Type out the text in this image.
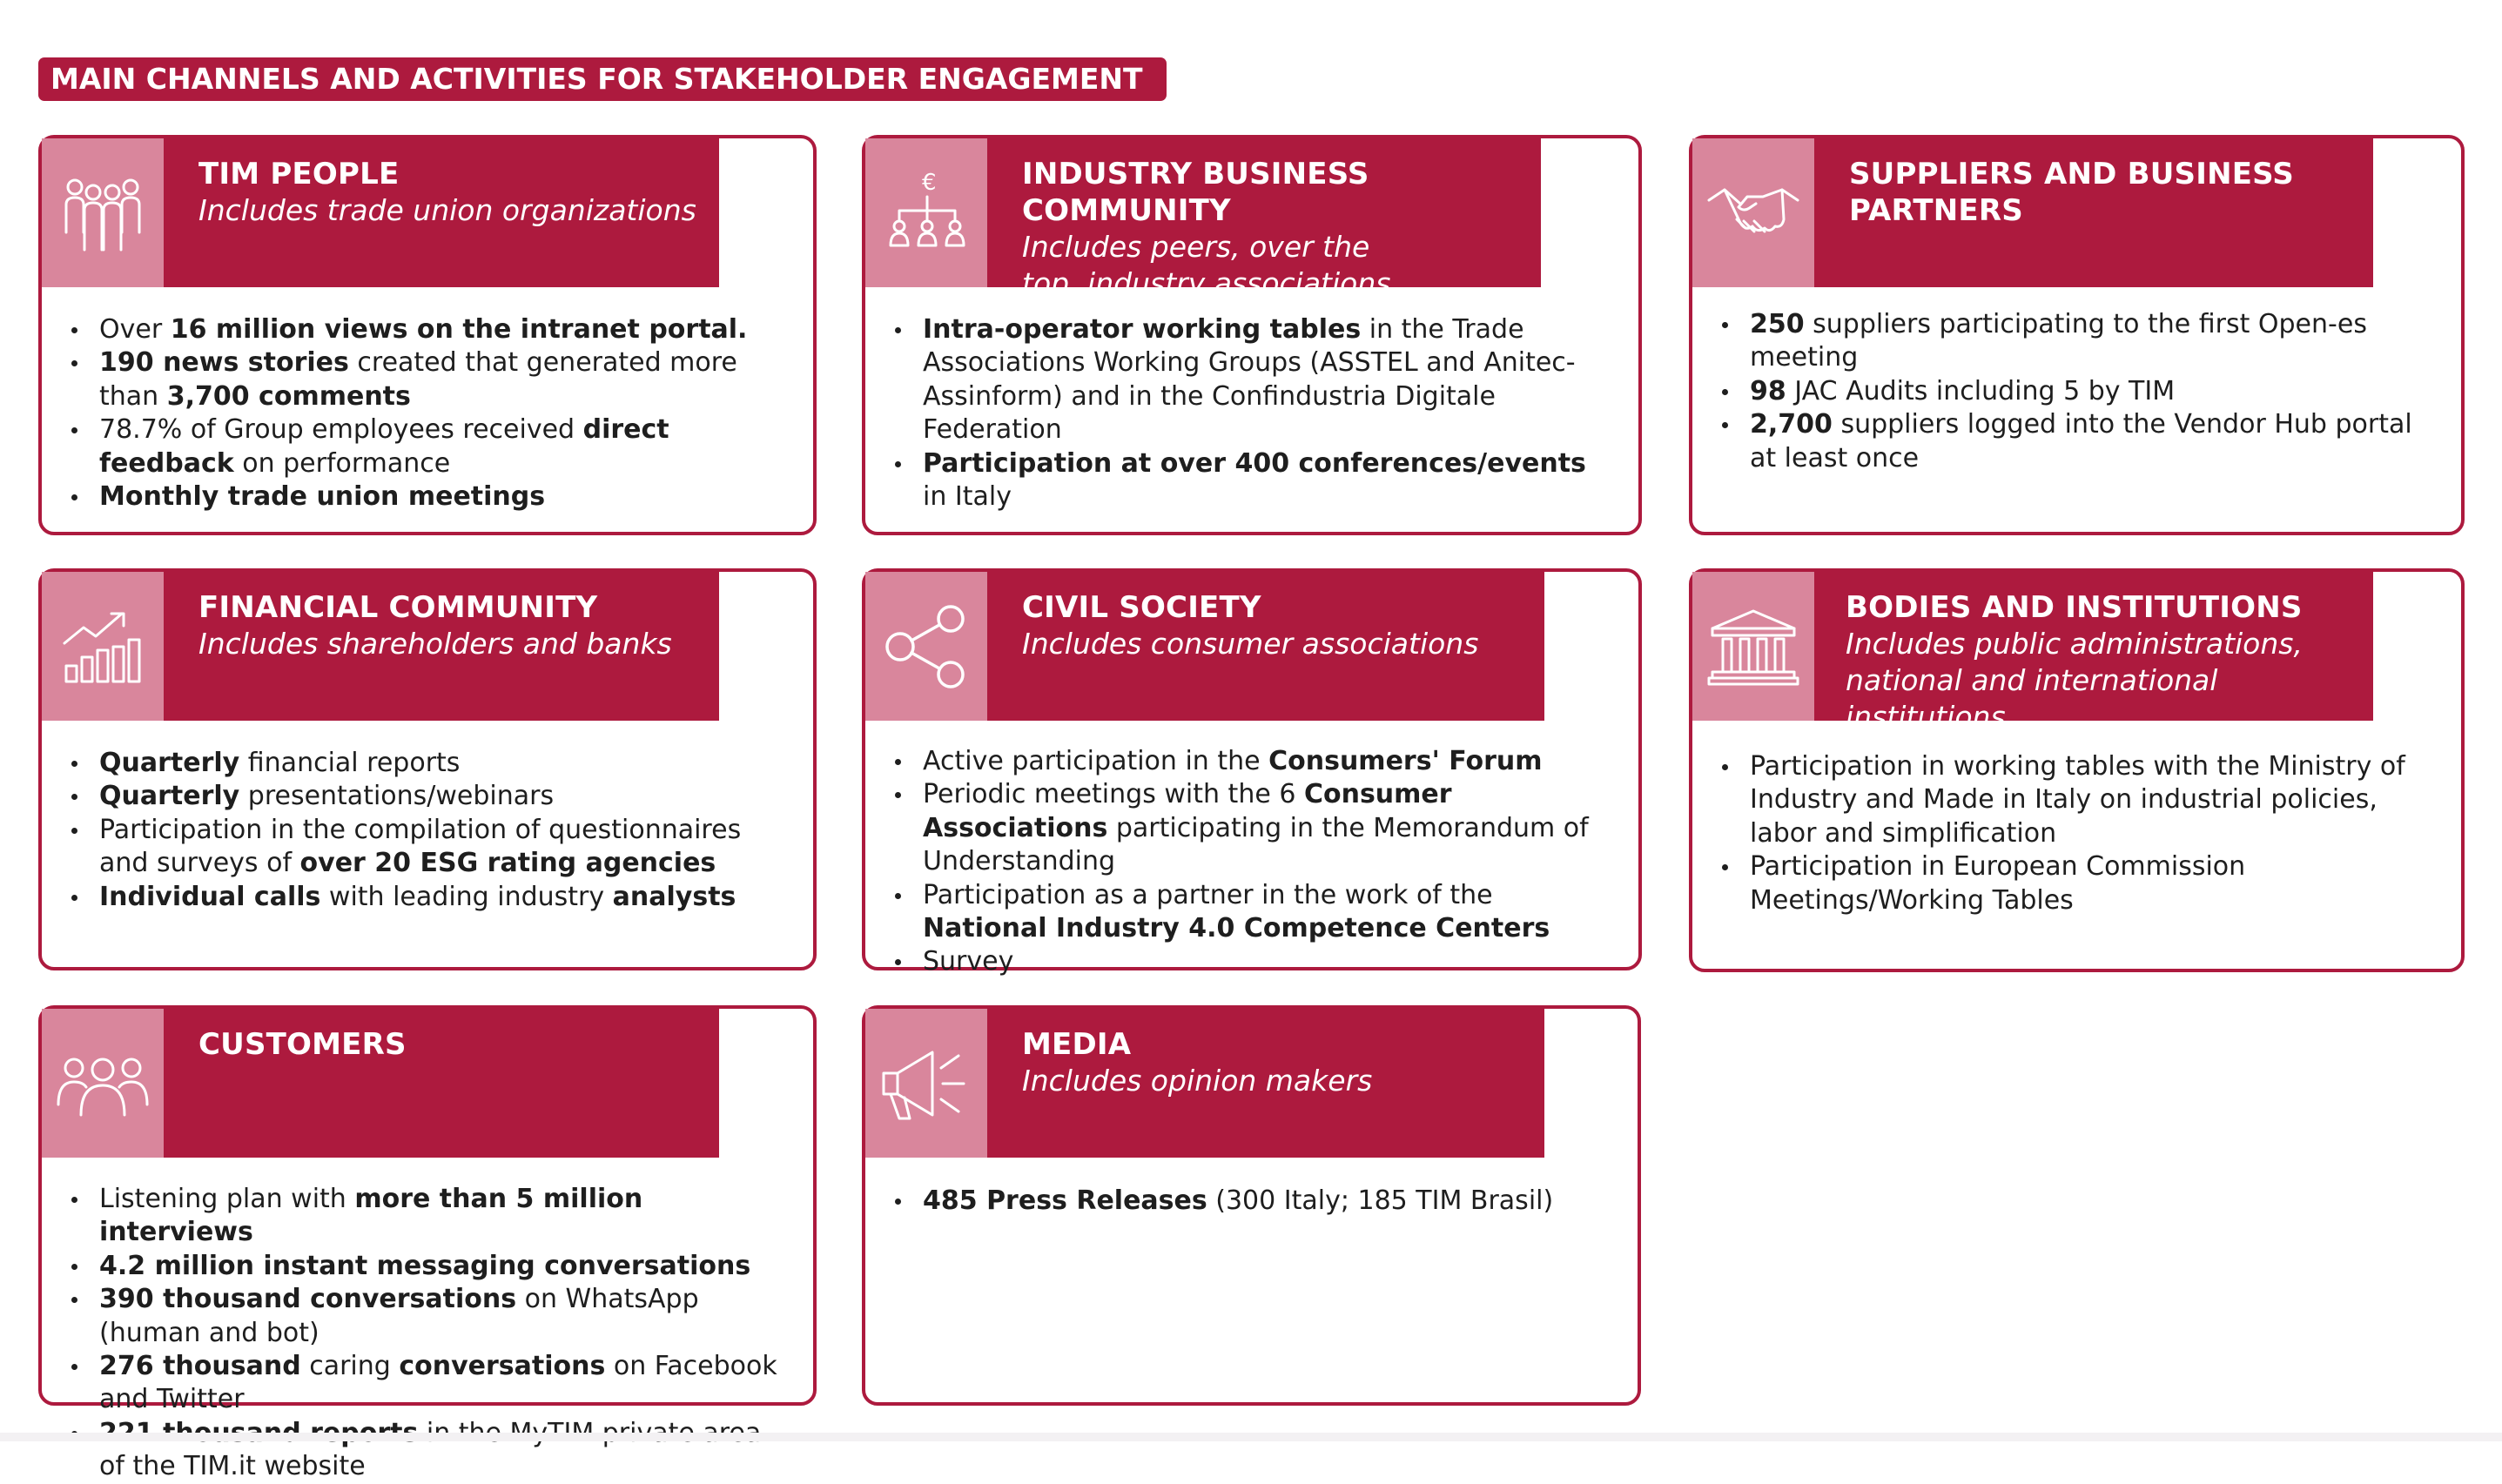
MAIN CHANNELS AND ACTIVITIES FOR STAKEHOLDER ENGAGEMENT
TIM PEOPLE
Includes trade union organizations
Over 16 million views on the intranet portal.
190 news stories created that generated more than 3,700 comments
78.7% of Group employees received direct feedback on performance
Monthly trade union meetings
€	INDUSTRY BUSINESS COMMUNITY
Includes peers, over the top, industry associations
Intra-operator working tables in the Trade Associations Working Groups (ASSTEL and Anitec-Assinform) and in the Confindustria Digitale Federation
Participation at over 400 conferences/events in Italy
SUPPLIERS AND BUSINESS PARTNERS
250 suppliers participating to the first Open-es meeting
98 JAC Audits including 5 by TIM
2,700 suppliers logged into the Vendor Hub portal at least once
FINANCIAL COMMUNITY
Includes shareholders and banks
Quarterly financial reports
Quarterly presentations/webinars
Participation in the compilation of questionnaires and surveys of over 20 ESG rating agencies
Individual calls with leading industry analysts
CIVIL SOCIETY
Includes consumer associations
Active participation in the Consumers' Forum
Periodic meetings with the 6 Consumer Associations participating in the Memorandum of Understanding
Participation as a partner in the work of the National Industry 4.0 Competence Centers
Survey
BODIES AND INSTITUTIONS
Includes public administrations, national and international institutions
Participation in working tables with the Ministry of Industry and Made in Italy on industrial policies, labor and simplification
Participation in European Commission Meetings/Working Tables
CUSTOMERS
Listening plan with more than 5 million interviews
4.2 million instant messaging conversations
390 thousand conversations on WhatsApp (human and bot)
276 thousand caring conversations on Facebook and Twitter
of the TIM.it website
MEDIA
Includes opinion makers
485 Press Releases (300 Italy; 185 TIM Brasil)
